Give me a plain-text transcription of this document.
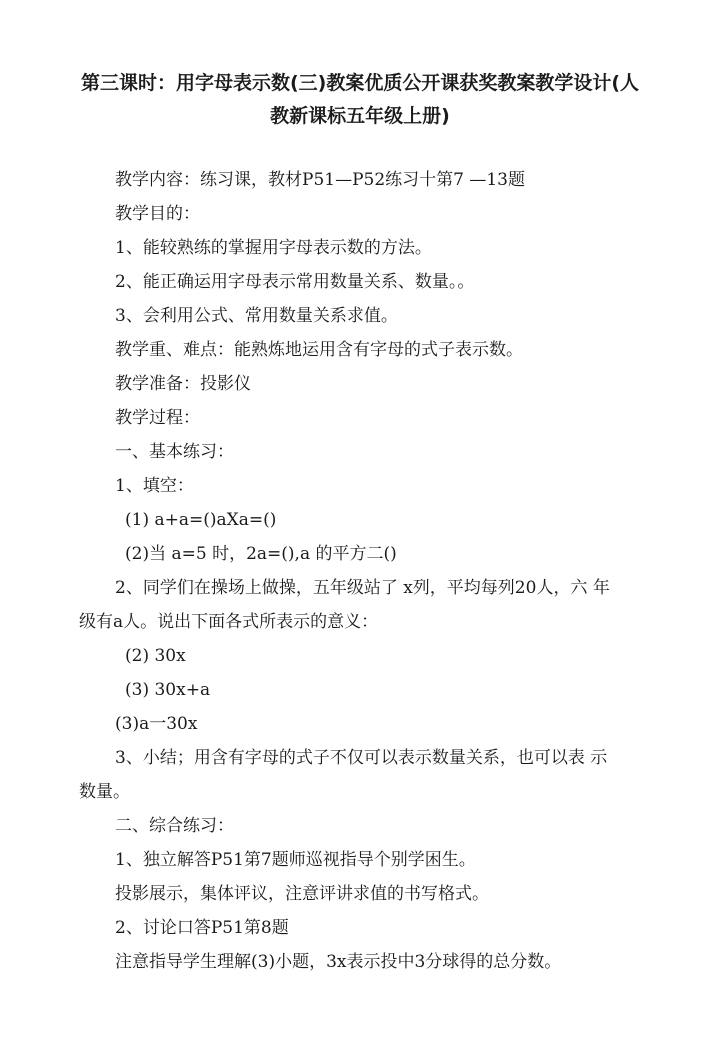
第三课时：用字母表示数(三)教案优质公开课获奖教案教学设计(人
教新课标五年级上册)

教学内容：练习课，教材P51—P52练习十第7 —13题

教学目的：

1、能较熟练的掌握用字母表示数的方法。

2、能正确运用字母表示常用数量关系、数量。。

3、会利用公式、常用数量关系求值。

教学重、难点：能熟炼地运用含有字母的式子表示数。

教学准备：投影仪

教学过程：

一、基本练习：

1、填空：

(1) a+a=()aXa=()

(2)当 a=5 时，2a=(),a 的平方二()

2、同学们在操场上做操，五年级站了 x列，平均每列20人，六 年

级有a人。说出下面各式所表示的意义：

(2) 30x

(3) 30x+a

(3)a一30x

3、小结；用含有字母的式子不仅可以表示数量关系，也可以表 示

数量。

二、综合练习：

1、独立解答P51第7题师巡视指导个别学困生。

投影展示，集体评议，注意评讲求值的书写格式。

2、讨论口答P51第8题

注意指导学生理解(3)小题，3x表示投中3分球得的总分数。
